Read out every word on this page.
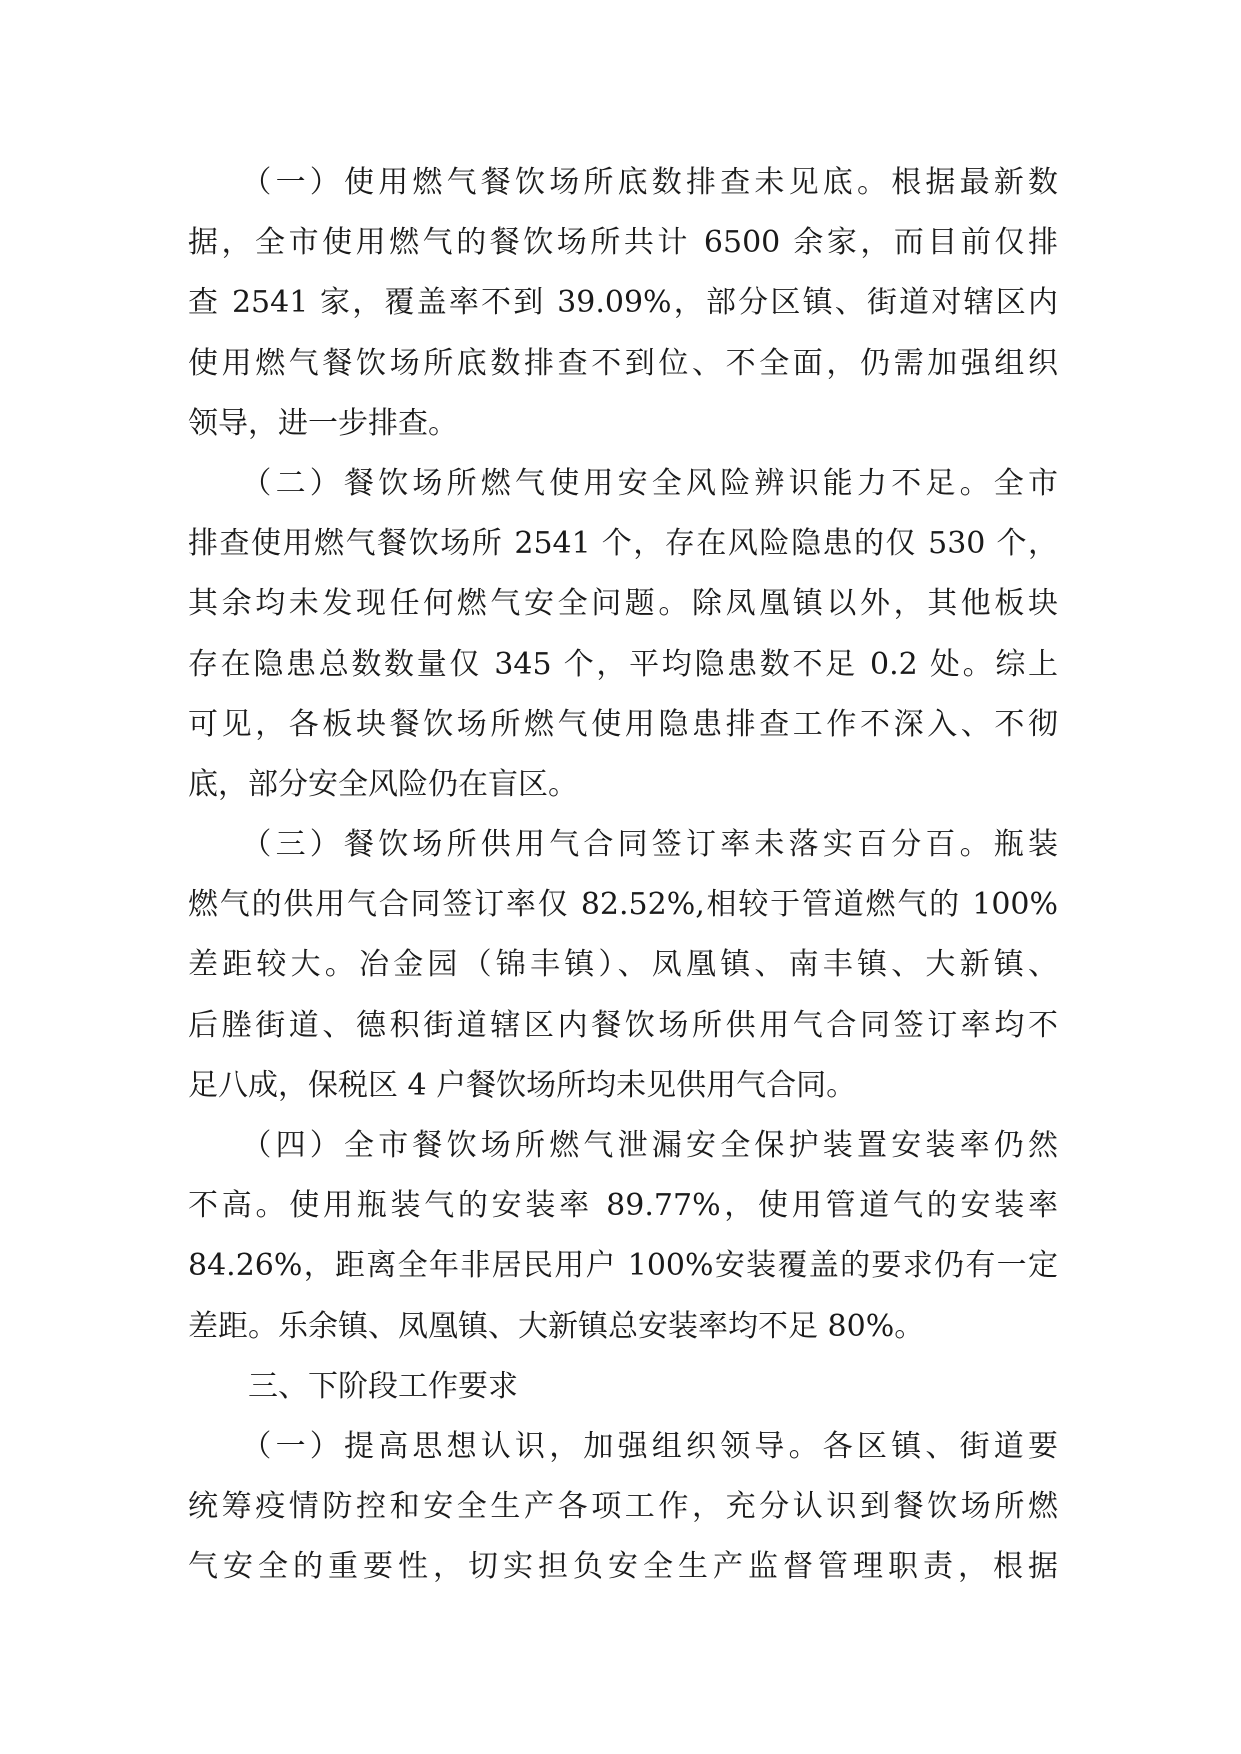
　　（一）使用燃气餐饮场所底数排查未见底。根据最新数
据，全市使用燃气的餐饮场所共计 6500 余家，而目前仅排
查 2541 家，覆盖率不到 39.09%，部分区镇、街道对辖区内
使用燃气餐饮场所底数排查不到位、不全面，仍需加强组织
领导，进一步排查。
　　（二）餐饮场所燃气使用安全风险辨识能力不足。全市
排查使用燃气餐饮场所 2541 个，存在风险隐患的仅 530 个，
其余均未发现任何燃气安全问题。除凤凰镇以外，其他板块
存在隐患总数数量仅 345 个，平均隐患数不足 0.2 处。综上
可见，各板块餐饮场所燃气使用隐患排查工作不深入、不彻
底，部分安全风险仍在盲区。
　　（三）餐饮场所供用气合同签订率未落实百分百。瓶装
燃气的供用气合同签订率仅 82.52%,相较于管道燃气的 100%
差距较大。冶金园（锦丰镇）、凤凰镇、南丰镇、大新镇、
后塍街道、德积街道辖区内餐饮场所供用气合同签订率均不
足八成，保税区 4 户餐饮场所均未见供用气合同。
　　（四）全市餐饮场所燃气泄漏安全保护装置安装率仍然
不高。使用瓶装气的安装率 89.77%，使用管道气的安装率
84.26%，距离全年非居民用户 100%安装覆盖的要求仍有一定
差距。乐余镇、凤凰镇、大新镇总安装率均不足 80%。
　　三、下阶段工作要求
　　（一）提高思想认识，加强组织领导。各区镇、街道要
统筹疫情防控和安全生产各项工作，充分认识到餐饮场所燃
气安全的重要性，切实担负安全生产监督管理职责，根据
